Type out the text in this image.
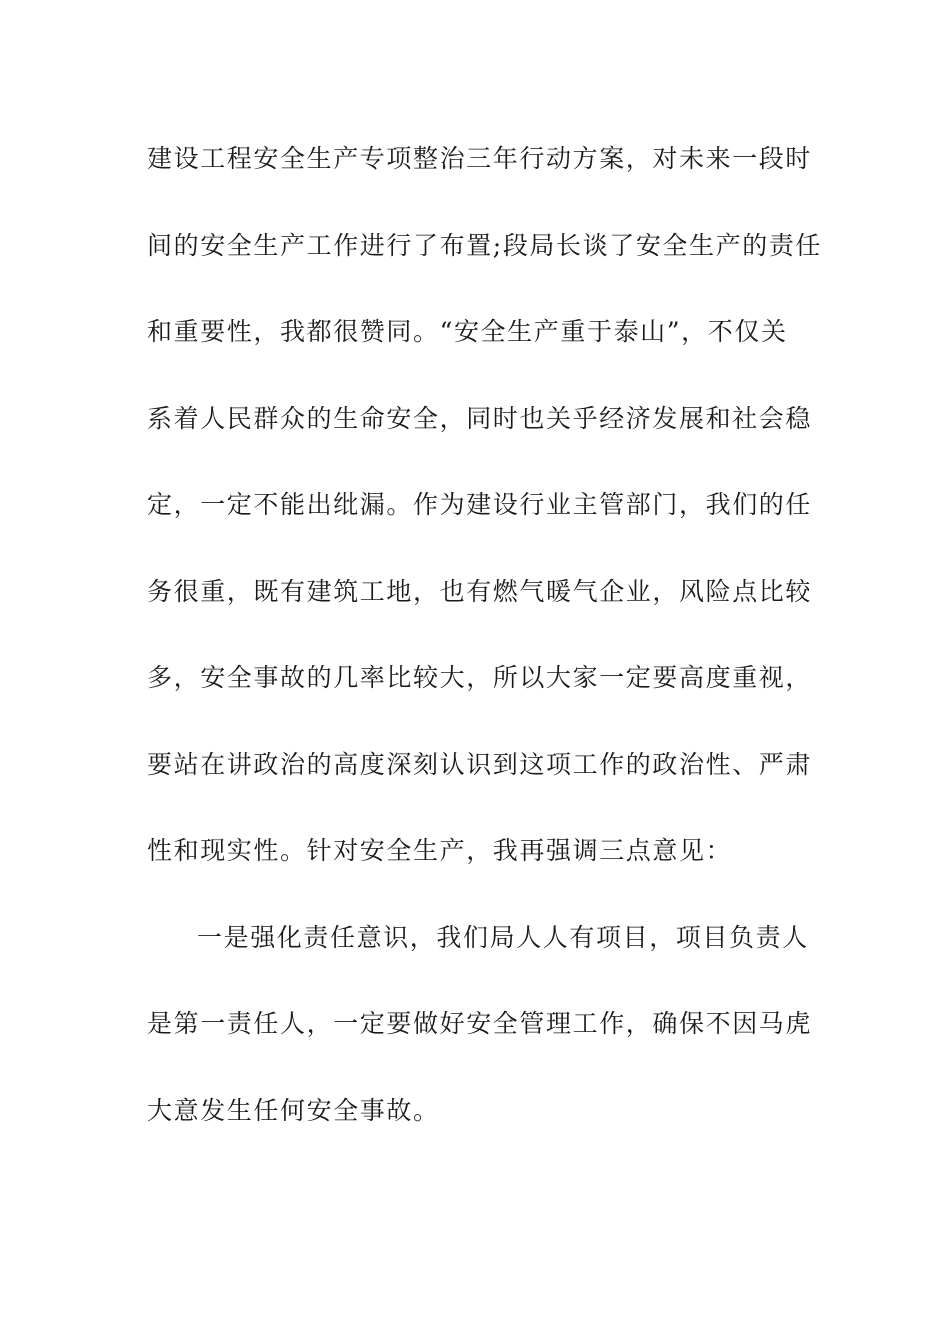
建设工程安全生产专项整治三年行动方案，对未来一段时
间的安全生产工作进行了布置;段局长谈了安全生产的责任
和重要性，我都很赞同。“安全生产重于泰山”，不仅关
系着人民群众的生命安全，同时也关乎经济发展和社会稳
定，一定不能出纰漏。作为建设行业主管部门，我们的任
务很重，既有建筑工地，也有燃气暖气企业，风险点比较
多，安全事故的几率比较大，所以大家一定要高度重视，
要站在讲政治的高度深刻认识到这项工作的政治性、严肃
性和现实性。针对安全生产，我再强调三点意见：
一是强化责任意识，我们局人人有项目，项目负责人
是第一责任人，一定要做好安全管理工作，确保不因马虎
大意发生任何安全事故。
